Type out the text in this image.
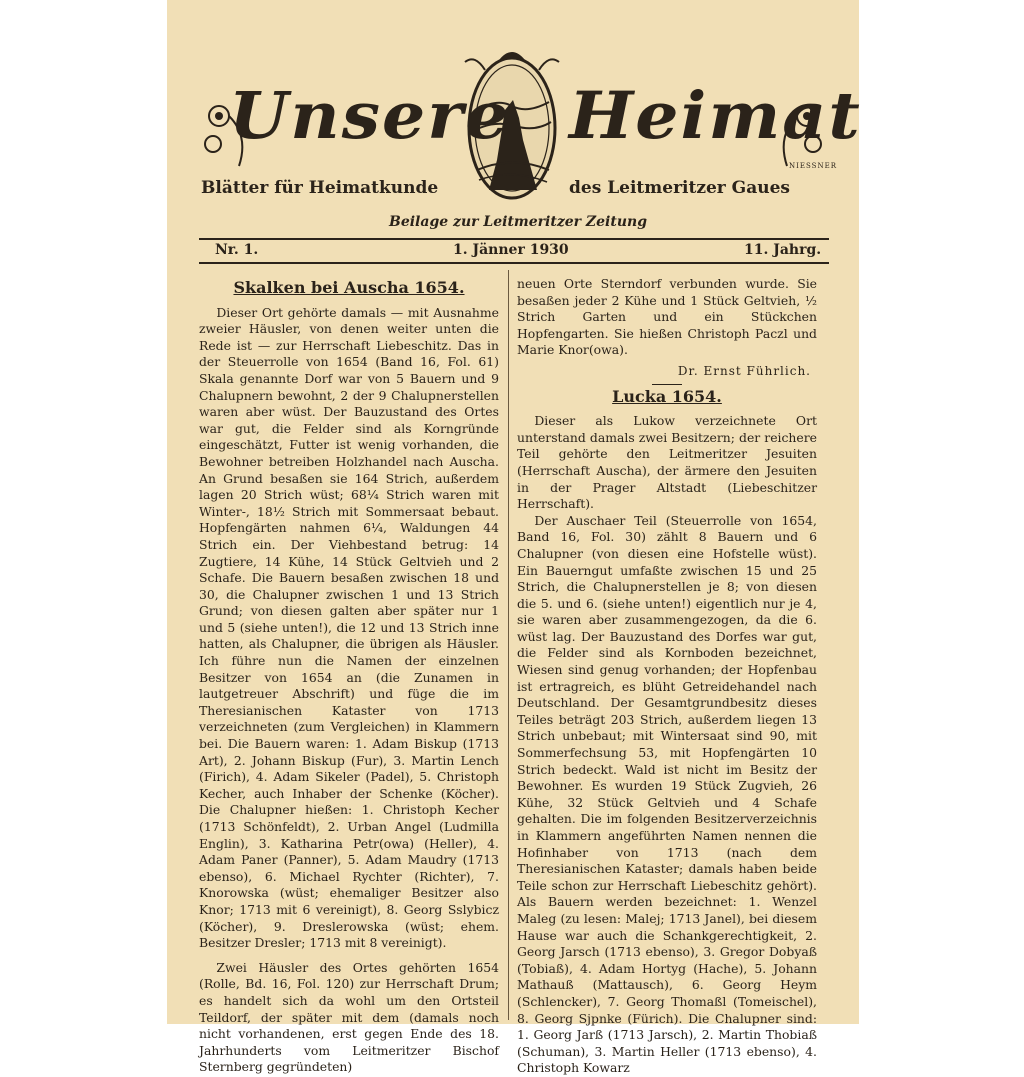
Unsere Heimat
NIESSNER
Blätter für Heimatkunde	des Leitmeritzer Gaues
Beilage zur Leitmeritzer Zeitung
Nr. 1.	1. Jänner 1930	11. Jahrg.
Skalken bei Auscha 1654.

Dieser Ort gehörte damals — mit Ausnahme zweier Häusler, von denen weiter unten die Rede ist — zur Herrschaft Liebeschitz. Das in der Steuerrolle von 1654 (Band 16, Fol. 61) Skala genannte Dorf war von 5 Bauern und 9 Chalupnern bewohnt, 2 der 9 Chalupnerstellen waren aber wüst. Der Bauzustand des Ortes war gut, die Felder sind als Korngründe eingeschätzt, Futter ist wenig vorhanden, die Bewohner betreiben Holzhandel nach Auscha. An Grund besaßen sie 164 Strich, außerdem lagen 20 Strich wüst; 68¼ Strich waren mit Winter-, 18½ Strich mit Sommersaat bebaut. Hopfengärten nahmen 6¼, Waldungen 44 Strich ein. Der Viehbestand betrug: 14 Zugtiere, 14 Kühe, 14 Stück Geltvieh und 2 Schafe. Die Bauern besaßen zwischen 18 und 30, die Chalupner zwischen 1 und 13 Strich Grund; von diesen galten aber später nur 1 und 5 (siehe unten!), die 12 und 13 Strich inne hatten, als Chalupner, die übrigen als Häusler. Ich führe nun die Namen der einzelnen Besitzer von 1654 an (die Zunamen in lautgetreuer Abschrift) und füge die im Theresianischen Kataster von 1713 verzeichneten (zum Vergleichen) in Klammern bei. Die Bauern waren: 1. Adam Biskup (1713 Art), 2. Johann Biskup (Fur), 3. Martin Lench (Firich), 4. Adam Sikeler (Padel), 5. Christoph Kecher, auch Inhaber der Schenke (Köcher). Die Chalupner hießen: 1. Christoph Kecher (1713 Schönfeldt), 2. Urban Angel (Ludmilla Englin), 3. Katharina Petr(owa) (Heller), 4. Adam Paner (Panner), 5. Adam Maudry (1713 ebenso), 6. Michael Rychter (Richter), 7. Knorowska (wüst; ehemaliger Besitzer also Knor; 1713 mit 6 vereinigt), 8. Georg Sslybicz (Köcher), 9. Dreslerowska (wüst; ehem. Besitzer Dresler; 1713 mit 8 vereinigt).

Zwei Häusler des Ortes gehörten 1654 (Rolle, Bd. 16, Fol. 120) zur Herrschaft Drum; es handelt sich da wohl um den Ortsteil Teildorf, der später mit dem (damals noch nicht vorhandenen, erst gegen Ende des 18. Jahrhunderts vom Leitmeritzer Bischof Sternberg gegründeten)

neuen Orte Sterndorf verbunden wurde. Sie besaßen jeder 2 Kühe und 1 Stück Geltvieh, ½ Strich Garten und ein Stückchen Hopfengarten. Sie hießen Christoph Paczl und Marie Knor(owa).

Dr. Ernst Führlich.
Lucka 1654.

Dieser als Lukow verzeichnete Ort unterstand damals zwei Besitzern; der reichere Teil gehörte den Leitmeritzer Jesuiten (Herrschaft Auscha), der ärmere den Jesuiten in der Prager Altstadt (Liebeschitzer Herrschaft).

Der Auschaer Teil (Steuerrolle von 1654, Band 16, Fol. 30) zählt 8 Bauern und 6 Chalupner (von diesen eine Hofstelle wüst). Ein Bauerngut umfaßte zwischen 15 und 25 Strich, die Chalupnerstellen je 8; von diesen die 5. und 6. (siehe unten!) eigentlich nur je 4, sie waren aber zusammengezogen, da die 6. wüst lag. Der Bauzustand des Dorfes war gut, die Felder sind als Kornboden bezeichnet, Wiesen sind genug vorhanden; der Hopfenbau ist ertragreich, es blüht Getreidehandel nach Deutschland. Der Gesamtgrundbesitz dieses Teiles beträgt 203 Strich, außerdem liegen 13 Strich unbebaut; mit Wintersaat sind 90, mit Sommerfechsung 53, mit Hopfengärten 10 Strich bedeckt. Wald ist nicht im Besitz der Bewohner. Es wurden 19 Stück Zugvieh, 26 Kühe, 32 Stück Geltvieh und 4 Schafe gehalten. Die im folgenden Besitzerverzeichnis in Klammern angeführten Namen nennen die Hofinhaber von 1713 (nach dem Theresianischen Kataster; damals haben beide Teile schon zur Herrschaft Liebeschitz gehört). Als Bauern werden bezeichnet: 1. Wenzel Maleg (zu lesen: Malej; 1713 Janel), bei diesem Hause war auch die Schankgerechtigkeit, 2. Georg Jarsch (1713 ebenso), 3. Gregor Dobyaß (Tobiaß), 4. Adam Hortyg (Hache), 5. Johann Mathauß (Mattausch), 6. Georg Heym (Schlencker), 7. Georg Thomaßl (Tomeischel), 8. Georg Sjpnke (Fürich). Die Chalupner sind: 1. Georg Jarß (1713 Jarsch), 2. Martin Thobiaß (Schuman), 3. Martin Heller (1713 ebenso), 4. Christoph Kowarz
